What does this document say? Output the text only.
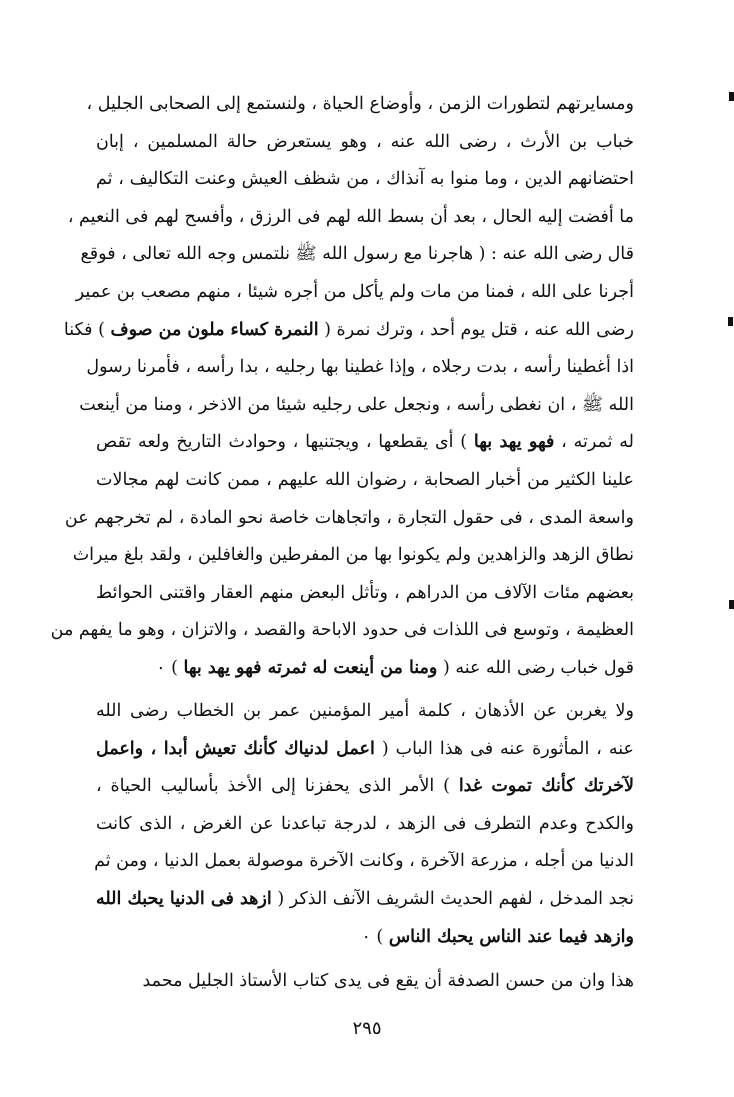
ومسايرتهم لتطورات الزمن ، وأوضاع الحياة ، ولنستمع إلى الصحابى الجليل ،
خباب بن الأرث ، رضى الله عنه ، وهو يستعرض حالة المسلمين ، إبان
احتضانهم الدين ، وما منوا به آنذاك ، من شظف العيش وعنت التكاليف ، ثم
ما أفضت إليه الحال ، بعد أن بسط الله لهم فى الرزق ، وأفسح لهم فى النعيم ،
قال رضى الله عنه : ( هاجرنا مع رسول الله ﷺ نلتمس وجه الله تعالى ، فوقع
أجرنا على الله ، فمنا من مات ولم يأكل من أجره شيئا ، منهم مصعب بن عمير
رضى الله عنه ، قتل يوم أحد ، وترك نمرة ( النمرة كساء ملون من صوف ) فكنا
اذا أغطينا رأسه ، بدت رجلاه ، وإذا غطينا بها رجليه ، بدا رأسه ، فأمرنا رسول
الله ﷺ ، ان نغطى رأسه ، ونجعل على رجليه شيئا من الاذخر ، ومنا من أينعت
له ثمرته ، فهو يهد بها ) أى يقطعها ، ويجتنيها ، وحوادث التاريخ ولعه تقص
علينا الكثير من أخبار الصحابة ، رضوان الله عليهم ، ممن كانت لهم مجالات
واسعة المدى ، فى حقول التجارة ، واتجاهات خاصة نحو المادة ، لم تخرجهم عن
نطاق الزهد والزاهدين ولم يكونوا بها من المفرطين والغافلين ، ولقد بلغ ميراث
بعضهم مئات الآلاف من الدراهم ، وتأثل البعض منهم العقار واقتنى الحوائط
العظيمة ، وتوسع فى اللذات فى حدود الاباحة والقصد ، والاتزان ، وهو ما يفهم من
قول خباب رضى الله عنه ( ومنا من أينعت له ثمرته فهو يهد بها ) ٠
ولا يغربن عن الأذهان ، كلمة أمير المؤمنين عمر بن الخطاب رضى الله
عنه ، المأثورة عنه فى هذا الباب ( اعمل لدنياك كأنك تعيش أبدا ، واعمل
لآخرتك كأنك تموت غدا ) الأمر الذى يحفزنا إلى الأخذ بأساليب الحياة ،
والكدح وعدم التطرف فى الزهد ، لدرجة تباعدنا عن الغرض ، الذى كانت
الدنيا من أجله ، مزرعة الآخرة ، وكانت الآخرة موصولة بعمل الدنيا ، ومن ثم
نجد المدخل ، لفهم الحديث الشريف الآنف الذكر ( ازهد فى الدنيا يحبك الله
وازهد فيما عند الناس يحبك الناس ) ٠
هذا وان من حسن الصدفة أن يقع فى يدى كتاب الأستاذ الجليل محمد
٢٩٥
